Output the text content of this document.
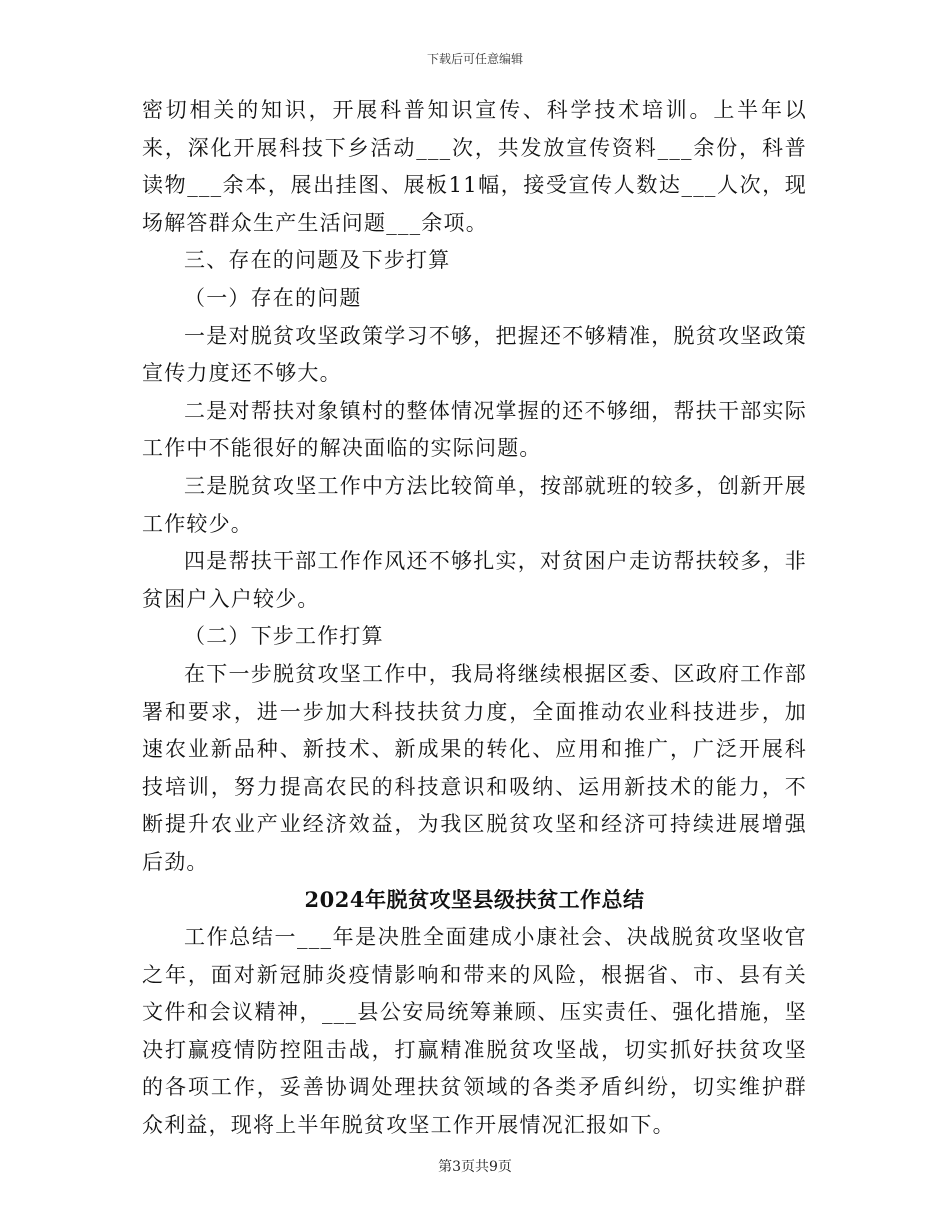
下载后可任意编辑

密切相关的知识，开展科普知识宣传、科学技术培训。上半年以来，深化开展科技下乡活动___次，共发放宣传资料___余份，科普读物___余本，展出挂图、展板11幅，接受宣传人数达___人次，现场解答群众生产生活问题___余项。

三、存在的问题及下步打算

（一）存在的问题

一是对脱贫攻坚政策学习不够，把握还不够精准，脱贫攻坚政策宣传力度还不够大。

二是对帮扶对象镇村的整体情况掌握的还不够细，帮扶干部实际工作中不能很好的解决面临的实际问题。

三是脱贫攻坚工作中方法比较简单，按部就班的较多，创新开展工作较少。

四是帮扶干部工作作风还不够扎实，对贫困户走访帮扶较多，非贫困户入户较少。

（二）下步工作打算

在下一步脱贫攻坚工作中，我局将继续根据区委、区政府工作部署和要求，进一步加大科技扶贫力度，全面推动农业科技进步，加速农业新品种、新技术、新成果的转化、应用和推广，广泛开展科技培训，努力提高农民的科技意识和吸纳、运用新技术的能力，不断提升农业产业经济效益，为我区脱贫攻坚和经济可持续进展增强后劲。

2024年脱贫攻坚县级扶贫工作总结

工作总结一___年是决胜全面建成小康社会、决战脱贫攻坚收官之年，面对新冠肺炎疫情影响和带来的风险，根据省、市、县有关文件和会议精神，___县公安局统筹兼顾、压实责任、强化措施，坚决打赢疫情防控阻击战，打赢精准脱贫攻坚战，切实抓好扶贫攻坚的各项工作，妥善协调处理扶贫领域的各类矛盾纠纷，切实维护群众利益，现将上半年脱贫攻坚工作开展情况汇报如下。

第3页共9页
